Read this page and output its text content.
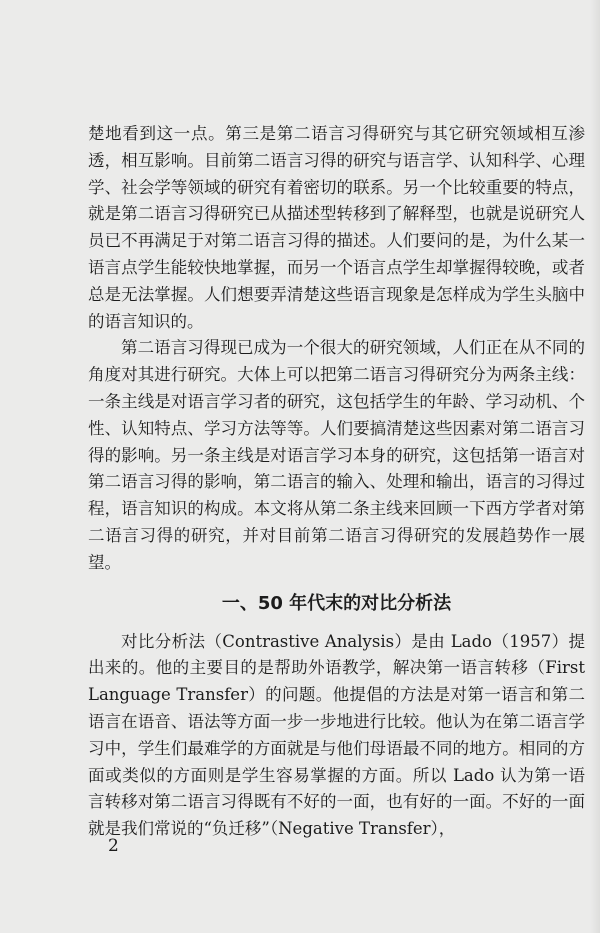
楚地看到这一点。第三是第二语言习得研究与其它研究领域相互渗透，相互影响。目前第二语言习得的研究与语言学、认知科学、心理学、社会学等领域的研究有着密切的联系。另一个比较重要的特点，就是第二语言习得研究已从描述型转移到了解释型，也就是说研究人员已不再满足于对第二语言习得的描述。人们要问的是，为什么某一语言点学生能较快地掌握，而另一个语言点学生却掌握得较晚，或者总是无法掌握。人们想要弄清楚这些语言现象是怎样成为学生头脑中的语言知识的。

第二语言习得现已成为一个很大的研究领域，人们正在从不同的角度对其进行研究。大体上可以把第二语言习得研究分为两条主线：一条主线是对语言学习者的研究，这包括学生的年龄、学习动机、个性、认知特点、学习方法等等。人们要搞清楚这些因素对第二语言习得的影响。另一条主线是对语言学习本身的研究，这包括第一语言对第二语言习得的影响，第二语言的输入、处理和输出，语言的习得过程，语言知识的构成。本文将从第二条主线来回顾一下西方学者对第二语言习得的研究，并对目前第二语言习得研究的发展趋势作一展望。

一、50 年代末的对比分析法

对比分析法（Contrastive Analysis）是由 Lado（1957）提出来的。他的主要目的是帮助外语教学，解决第一语言转移（First Language Transfer）的问题。他提倡的方法是对第一语言和第二语言在语音、语法等方面一步一步地进行比较。他认为在第二语言学习中，学生们最难学的方面就是与他们母语最不同的地方。相同的方面或类似的方面则是学生容易掌握的方面。所以 Lado 认为第一语言转移对第二语言习得既有不好的一面，也有好的一面。不好的一面就是我们常说的“负迁移”（Negative Transfer），

2
